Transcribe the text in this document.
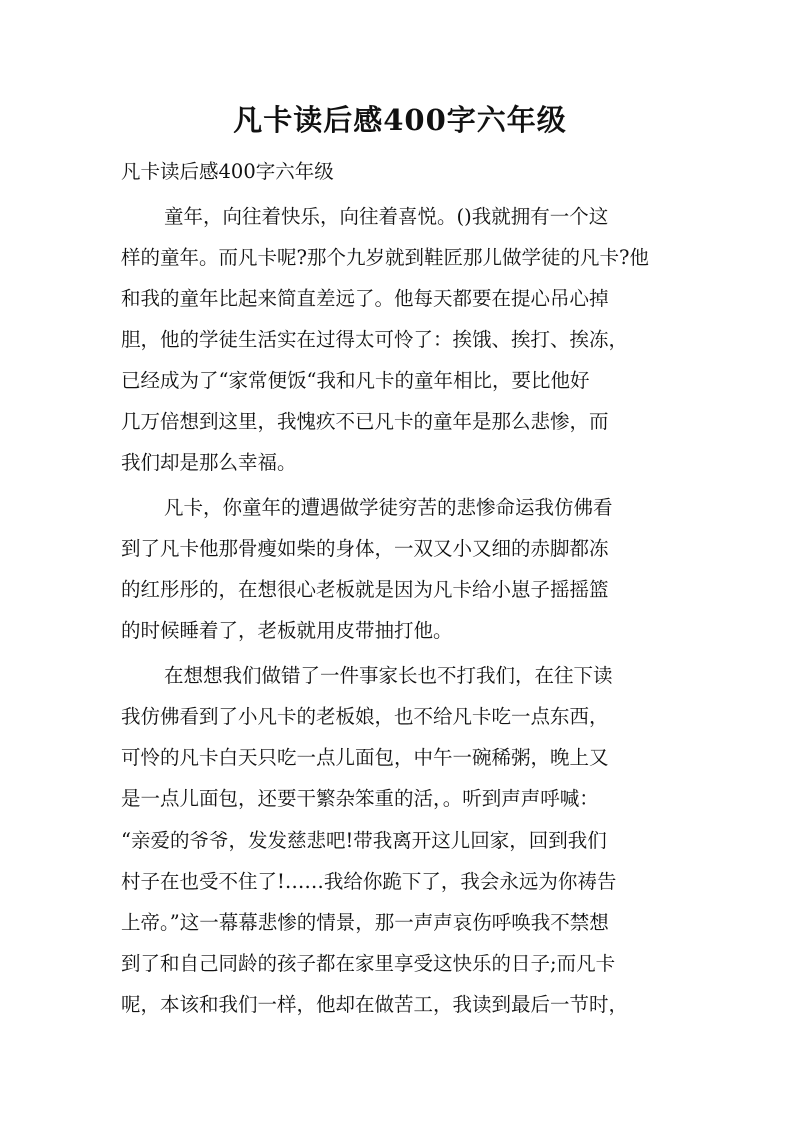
凡卡读后感400字六年级

凡卡读后感400字六年级

童年，向往着快乐，向往着喜悦。()我就拥有一个这

样的童年。而凡卡呢?那个九岁就到鞋匠那儿做学徒的凡卡?他

和我的童年比起来简直差远了。他每天都要在提心吊心掉

胆，他的学徒生活实在过得太可怜了：挨饿、挨打、挨冻，

已经成为了“家常便饭“我和凡卡的童年相比，要比他好

几万倍想到这里，我愧疚不已凡卡的童年是那么悲惨，而

我们却是那么幸福。

凡卡，你童年的遭遇做学徒穷苦的悲惨命运我仿佛看

到了凡卡他那骨瘦如柴的身体，一双又小又细的赤脚都冻

的红彤彤的，在想很心老板就是因为凡卡给小崽子摇摇篮

的时候睡着了，老板就用皮带抽打他。

在想想我们做错了一件事家长也不打我们，在往下读

我仿佛看到了小凡卡的老板娘，也不给凡卡吃一点东西，

可怜的凡卡白天只吃一点儿面包，中午一碗稀粥，晚上又

是一点儿面包，还要干繁杂笨重的活，。听到声声呼喊：

“亲爱的爷爷，发发慈悲吧!带我离开这儿回家，回到我们

村子在也受不住了!……我给你跪下了，我会永远为你祷告

上帝。”这一幕幕悲惨的情景，那一声声哀伤呼唤我不禁想

到了和自己同龄的孩子都在家里享受这快乐的日子;而凡卡

呢，本该和我们一样，他却在做苦工，我读到最后一节时，
